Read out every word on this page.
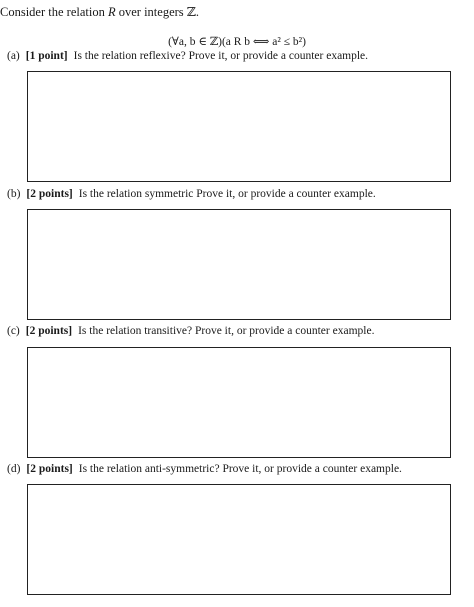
Consider the relation R over integers ℤ.
(∀a, b ∈ ℤ)(a R b ⟺ a² ≤ b²)
(a) [1 point] Is the relation reflexive? Prove it, or provide a counter example.
(b) [2 points] Is the relation symmetric Prove it, or provide a counter example.
(c) [2 points] Is the relation transitive? Prove it, or provide a counter example.
(d) [2 points] Is the relation anti-symmetric? Prove it, or provide a counter example.
